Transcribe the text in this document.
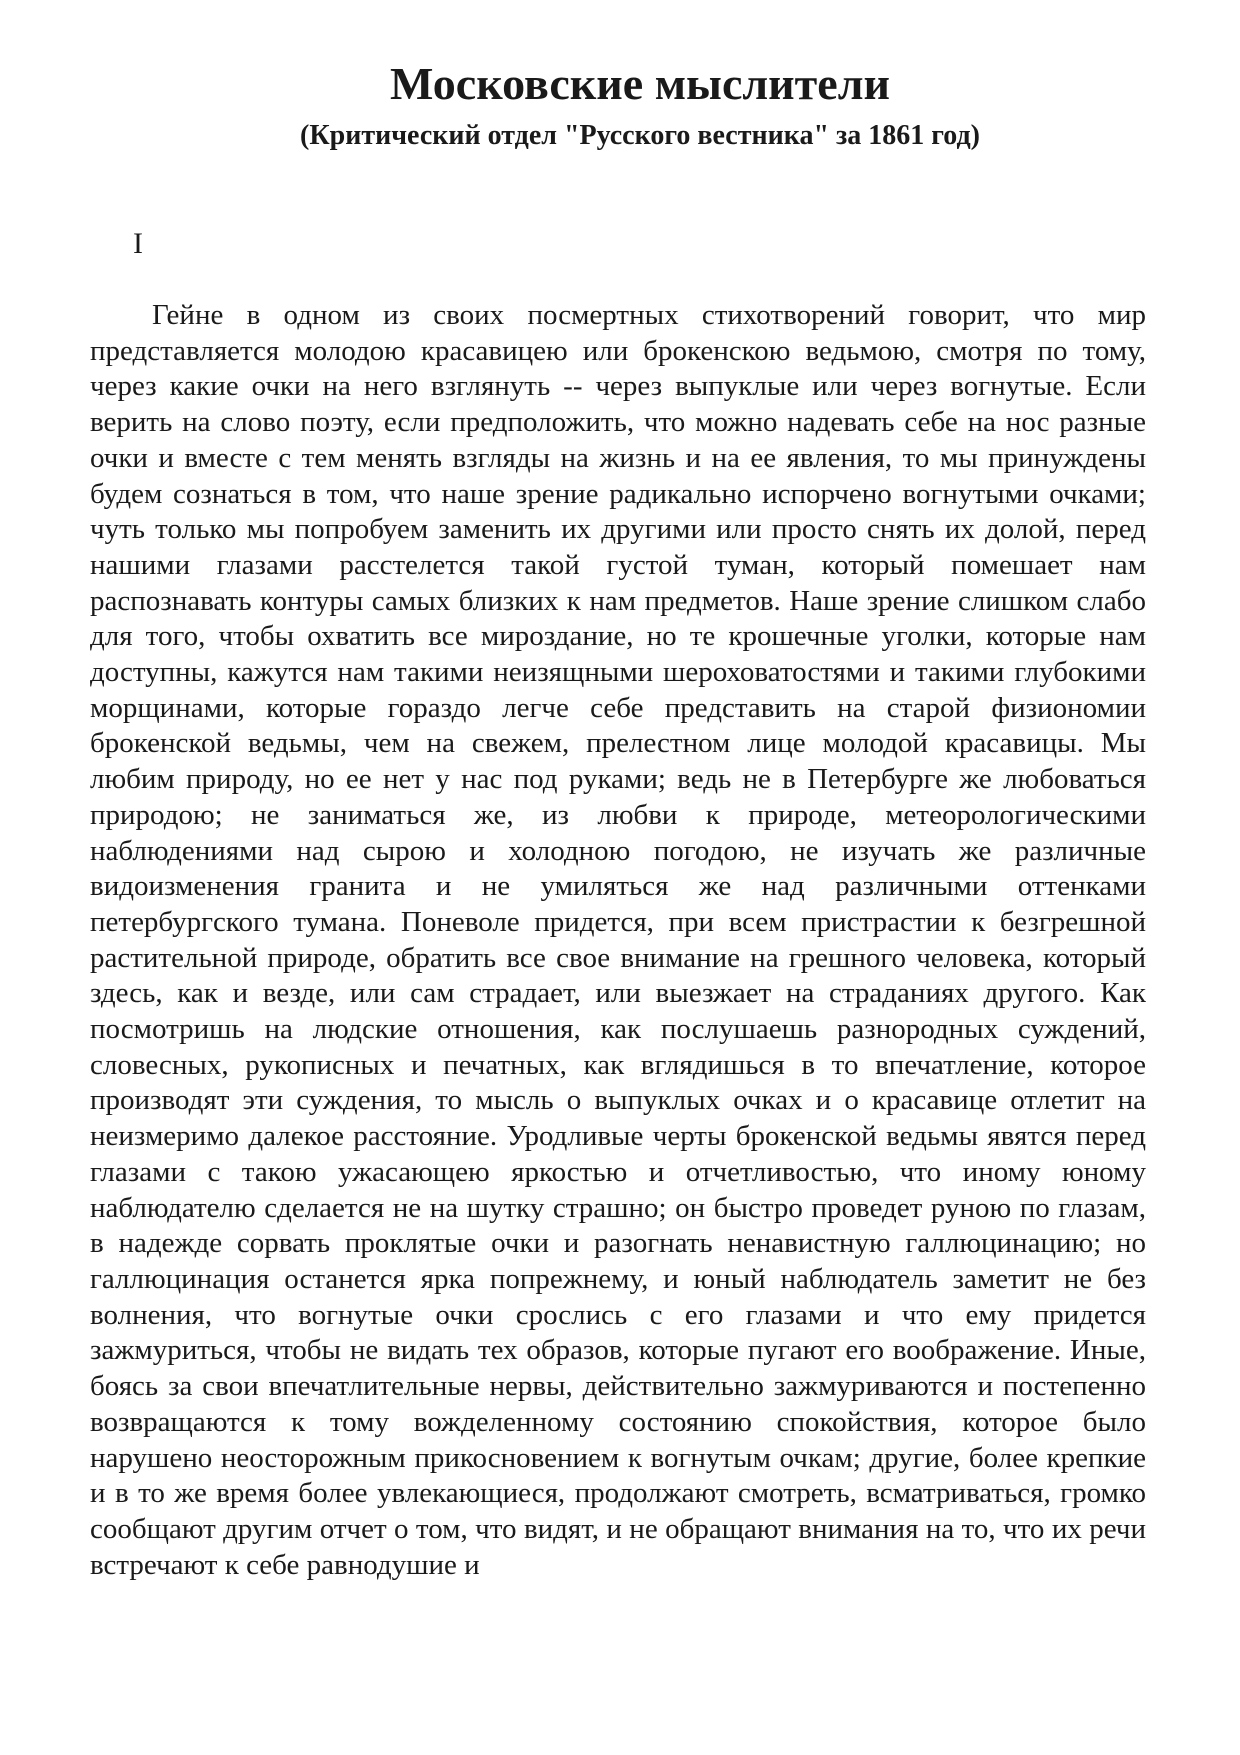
Московские мыслители
(Критический отдел "Русского вестника" за 1861 год)
I

Гейне в одном из своих посмертных стихотворений говорит, что мир представляется молодою красавицею или брокенскою ведьмою, смотря по тому, через какие очки на него взглянуть -- через выпуклые или через вогнутые. Если верить на слово поэту, если предположить, что можно надевать себе на нос разные очки и вместе с тем менять взгляды на жизнь и на ее явления, то мы принуждены будем сознаться в том, что наше зрение радикально испорчено вогнутыми очками; чуть только мы попробуем заменить их другими или просто снять их долой, перед нашими глазами расстелется такой густой туман, который помешает нам распознавать контуры самых близких к нам предметов. Наше зрение слишком слабо для того, чтобы охватить все мироздание, но те крошечные уголки, которые нам доступны, кажутся нам такими неизящными шероховатостями и такими глубокими морщинами, которые гораздо легче себе представить на старой физиономии брокенской ведьмы, чем на свежем, прелестном лице молодой красавицы. Мы любим природу, но ее нет у нас под руками; ведь не в Петербурге же любоваться природою; не заниматься же, из любви к природе, метеорологическими наблюдениями над сырою и холодною погодою, не изучать же различные видоизменения гранита и не умиляться же над различными оттенками петербургского тумана. Поневоле придется, при всем пристрастии к безгрешной растительной природе, обратить все свое внимание на грешного человека, который здесь, как и везде, или сам страдает, или выезжает на страданиях другого. Как посмотришь на людские отношения, как послушаешь разнородных суждений, словесных, рукописных и печатных, как вглядишься в то впечатление, которое производят эти суждения, то мысль о выпуклых очках и о красавице отлетит на неизмеримо далекое расстояние. Уродливые черты брокенской ведьмы явятся перед глазами с такою ужасающею яркостью и отчетливостью, что иному юному наблюдателю сделается не на шутку страшно; он быстро проведет руною по глазам, в надежде сорвать проклятые очки и разогнать ненавистную галлюцинацию; но галлюцинация останется ярка попрежнему, и юный наблюдатель заметит не без волнения, что вогнутые очки срослись с его глазами и что ему придется зажмуриться, чтобы не видать тех образов, которые пугают его воображение. Иные, боясь за свои впечатлительные нервы, действительно зажмуриваются и постепенно возвращаются к тому вожделенному состоянию спокойствия, которое было нарушено неосторожным прикосновением к вогнутым очкам; другие, более крепкие и в то же время более увлекающиеся, продолжают смотреть, всматриваться, громко сообщают другим отчет о том, что видят, и не обращают внимания на то, что их речи встречают к себе равнодушие и
